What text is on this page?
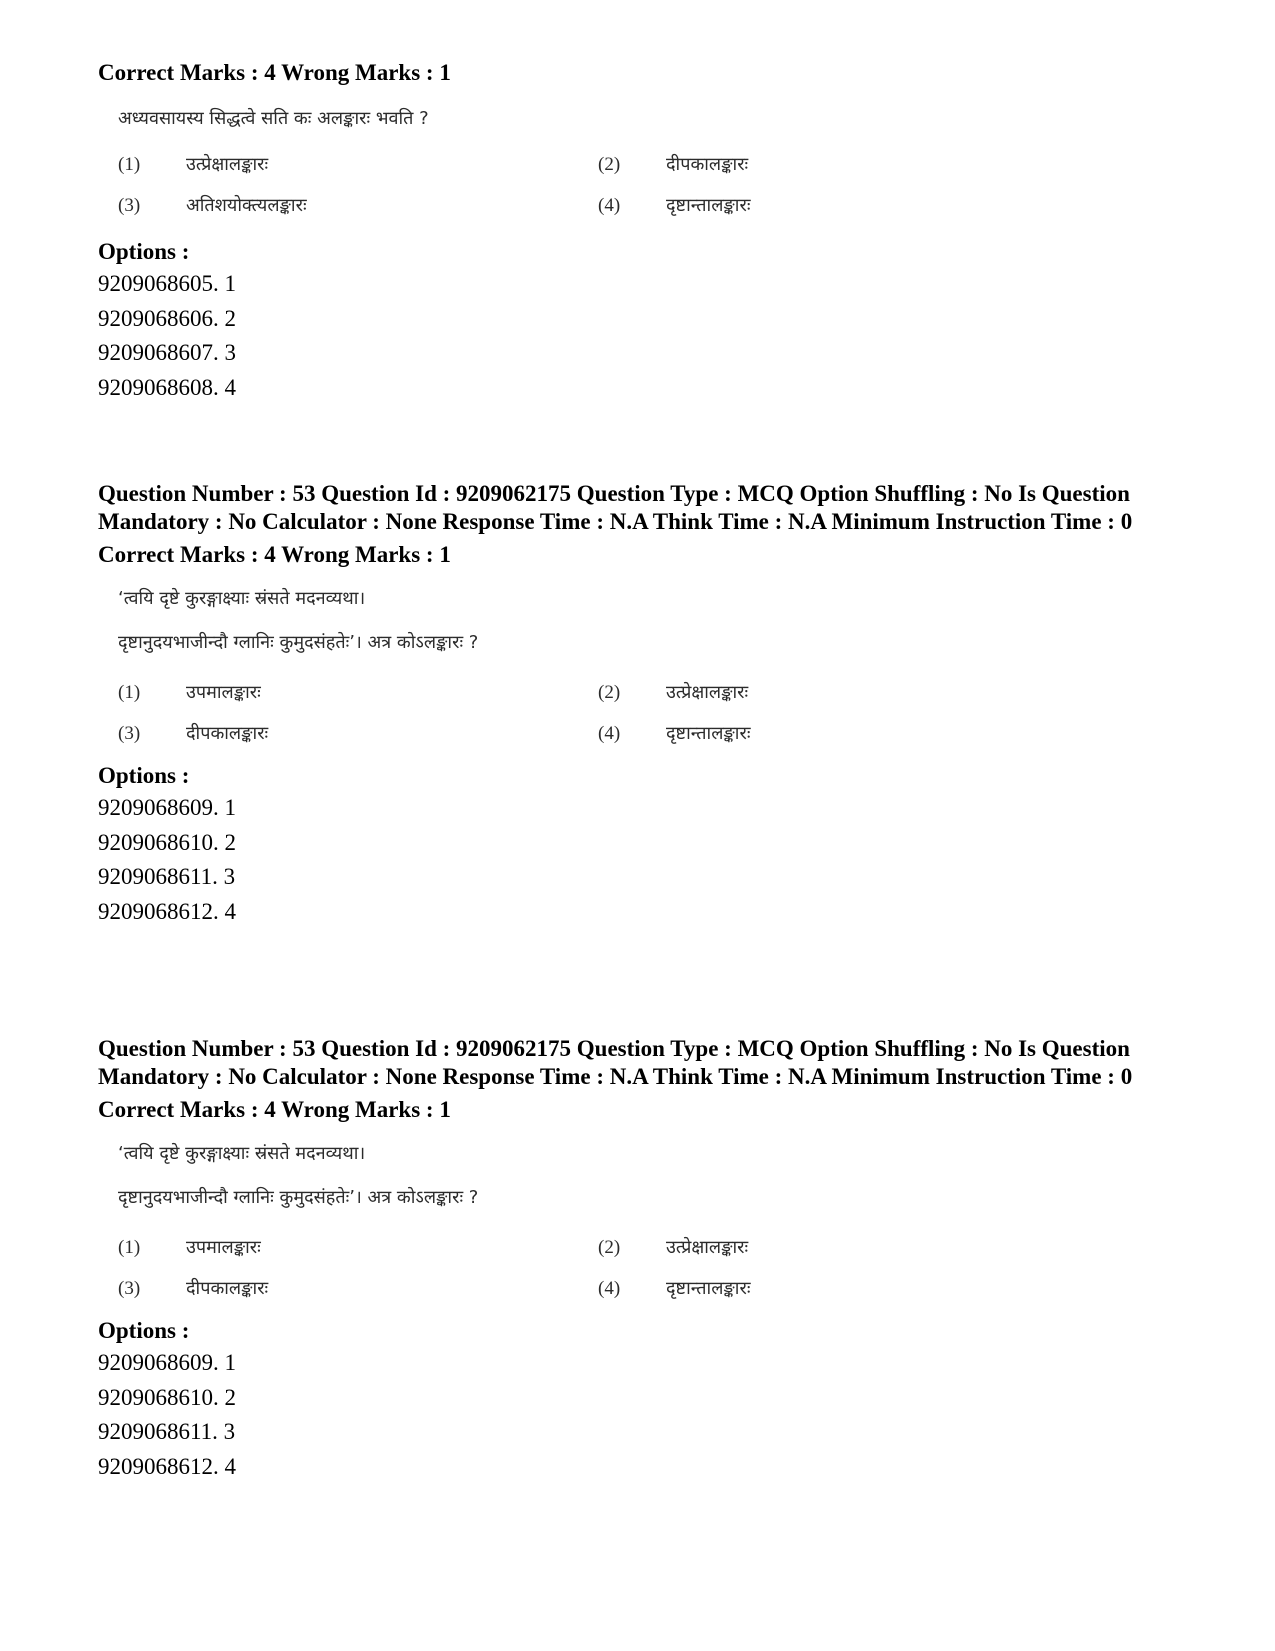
Correct Marks : 4 Wrong Marks : 1
अध्यवसायस्य सिद्धत्वे सति कः अलङ्कारः भवति ?
(1)	उत्प्रेक्षालङ्कारः	(2)	दीपकालङ्कारः
(3)	अतिशयोक्त्यलङ्कारः	(4)	दृष्टान्तालङ्कारः
Options :
9209068605. 1
9209068606. 2
9209068607. 3
9209068608. 4
Question Number : 53 Question Id : 9209062175 Question Type : MCQ Option Shuffling : No Is Question Mandatory : No Calculator : None Response Time : N.A Think Time : N.A Minimum Instruction Time : 0
Correct Marks : 4 Wrong Marks : 1
‘त्वयि दृष्टे कुरङ्गाक्ष्याः स्रंसते मदनव्यथा।
दृष्टानुदयभाजीन्दौ ग्लानिः कुमुदसंहतेः’। अत्र कोऽलङ्कारः ?
(1)	उपमालङ्कारः	(2)	उत्प्रेक्षालङ्कारः
(3)	दीपकालङ्कारः	(4)	दृष्टान्तालङ्कारः
Options :
9209068609. 1
9209068610. 2
9209068611. 3
9209068612. 4
Question Number : 53 Question Id : 9209062175 Question Type : MCQ Option Shuffling : No Is Question Mandatory : No Calculator : None Response Time : N.A Think Time : N.A Minimum Instruction Time : 0
Correct Marks : 4 Wrong Marks : 1
‘त्वयि दृष्टे कुरङ्गाक्ष्याः स्रंसते मदनव्यथा।
दृष्टानुदयभाजीन्दौ ग्लानिः कुमुदसंहतेः’। अत्र कोऽलङ्कारः ?
(1)	उपमालङ्कारः	(2)	उत्प्रेक्षालङ्कारः
(3)	दीपकालङ्कारः	(4)	दृष्टान्तालङ्कारः
Options :
9209068609. 1
9209068610. 2
9209068611. 3
9209068612. 4
